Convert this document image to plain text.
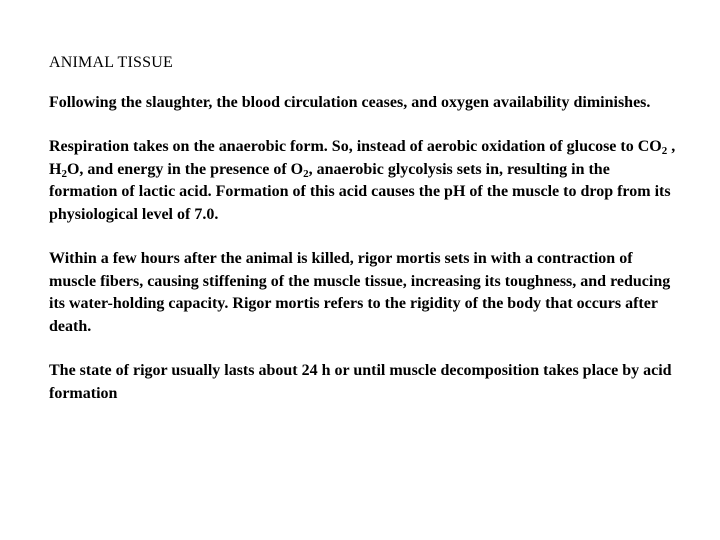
ANIMAL TISSUE

Following the slaughter, the blood circulation ceases, and oxygen availability diminishes.

Respiration takes on the anaerobic form. So, instead of aerobic oxidation of glucose to $CO_2$ , $H_2O$, and energy in the presence of $O_2$, anaerobic glycolysis sets in, resulting in the formation of lactic acid. Formation of this acid causes the pH of the muscle to drop from its physiological level of 7.0.

Within a few hours after the animal is killed, rigor mortis sets in with a contraction of muscle fibers, causing stiffening of the muscle tissue, increasing its toughness, and reducing its water-holding capacity. Rigor mortis refers to the rigidity of the body that occurs after death.

The state of rigor usually lasts about 24 h or until muscle decomposition takes place by acid formation
